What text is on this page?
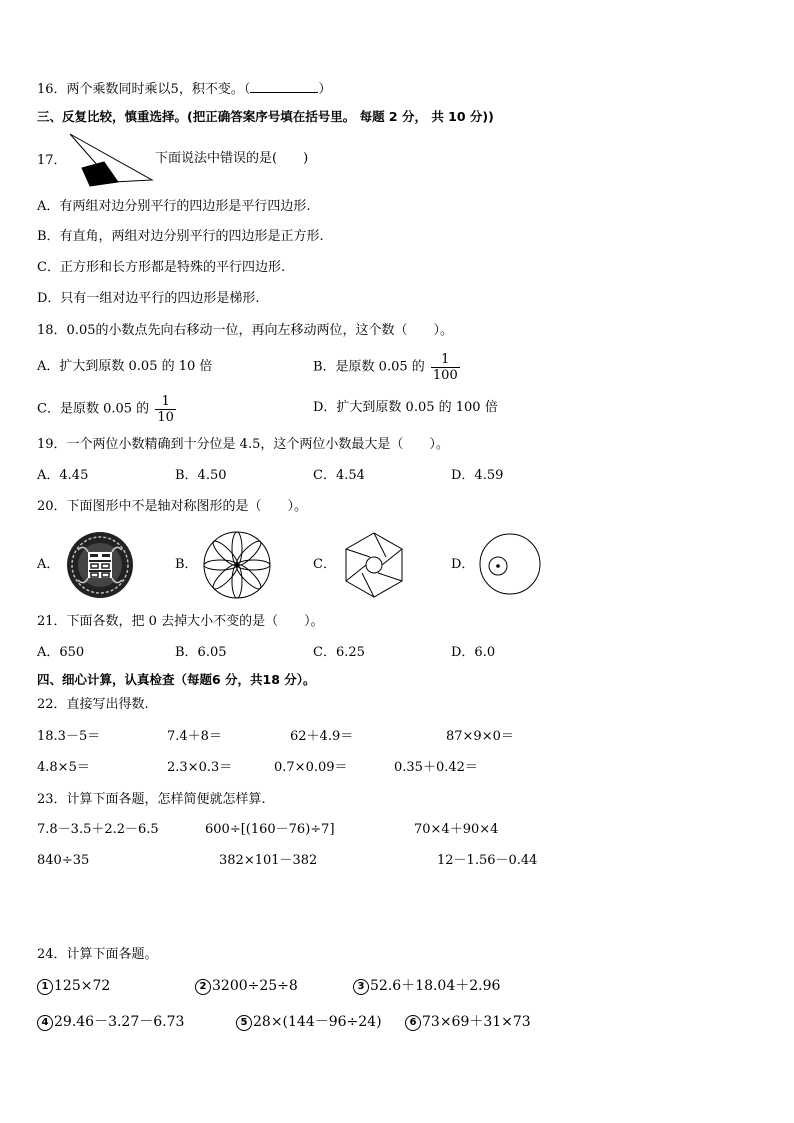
16．两个乘数同时乘以5，积不变。（	）
三、反复比较，慎重选择。(把正确答案序号填在括号里。 每题 2 分， 共 10 分))
17．	下面说法中错误的是(　　)
A．有两组对边分别平行的四边形是平行四边形.
B．有直角，两组对边分别平行的四边形是正方形.
C．正方形和长方形都是特殊的平行四边形.
D．只有一组对边平行的四边形是梯形.
18．0.05的小数点先向右移动一位，再向左移动两位，这个数（　　）。
A．扩大到原数 0.05 的 10 倍	B．是原数 0.05 的 $\frac{1}{100}$
C．是原数 0.05 的 $\frac{1}{10}$	D．扩大到原数 0.05 的 100 倍
19．一个两位小数精确到十分位是 4.5，这个两位小数最大是（　　）。
A．4.45	B．4.50	C．4.54	D．4.59
20．下面图形中不是轴对称图形的是（　　）。
A．	B．	C．	D．
21．下面各数，把 0 去掉大小不变的是（　　）。
A．650	B．6.05	C．6.25	D．6.0
四、细心计算，认真检查（每题6 分，共18 分）。
22．直接写出得数.
18.3－5＝	7.4＋8＝	62＋4.9＝	87×9×0＝
4.8×5＝	2.3×0.3＝	0.7×0.09＝	0.35＋0.42＝
23．计算下面各题，怎样简便就怎样算.
7.8－3.5＋2.2－6.5	600÷[(160－76)÷7]	70×4＋90×4
840÷35	382×101－382	12－1.56－0.44
24．计算下面各题。
1 125×72	2 3200÷25÷8	3 52.6＋18.04＋2.96
4 29.46－3.27－6.73	5 28×(144－96÷24)	6 73×69＋31×73
